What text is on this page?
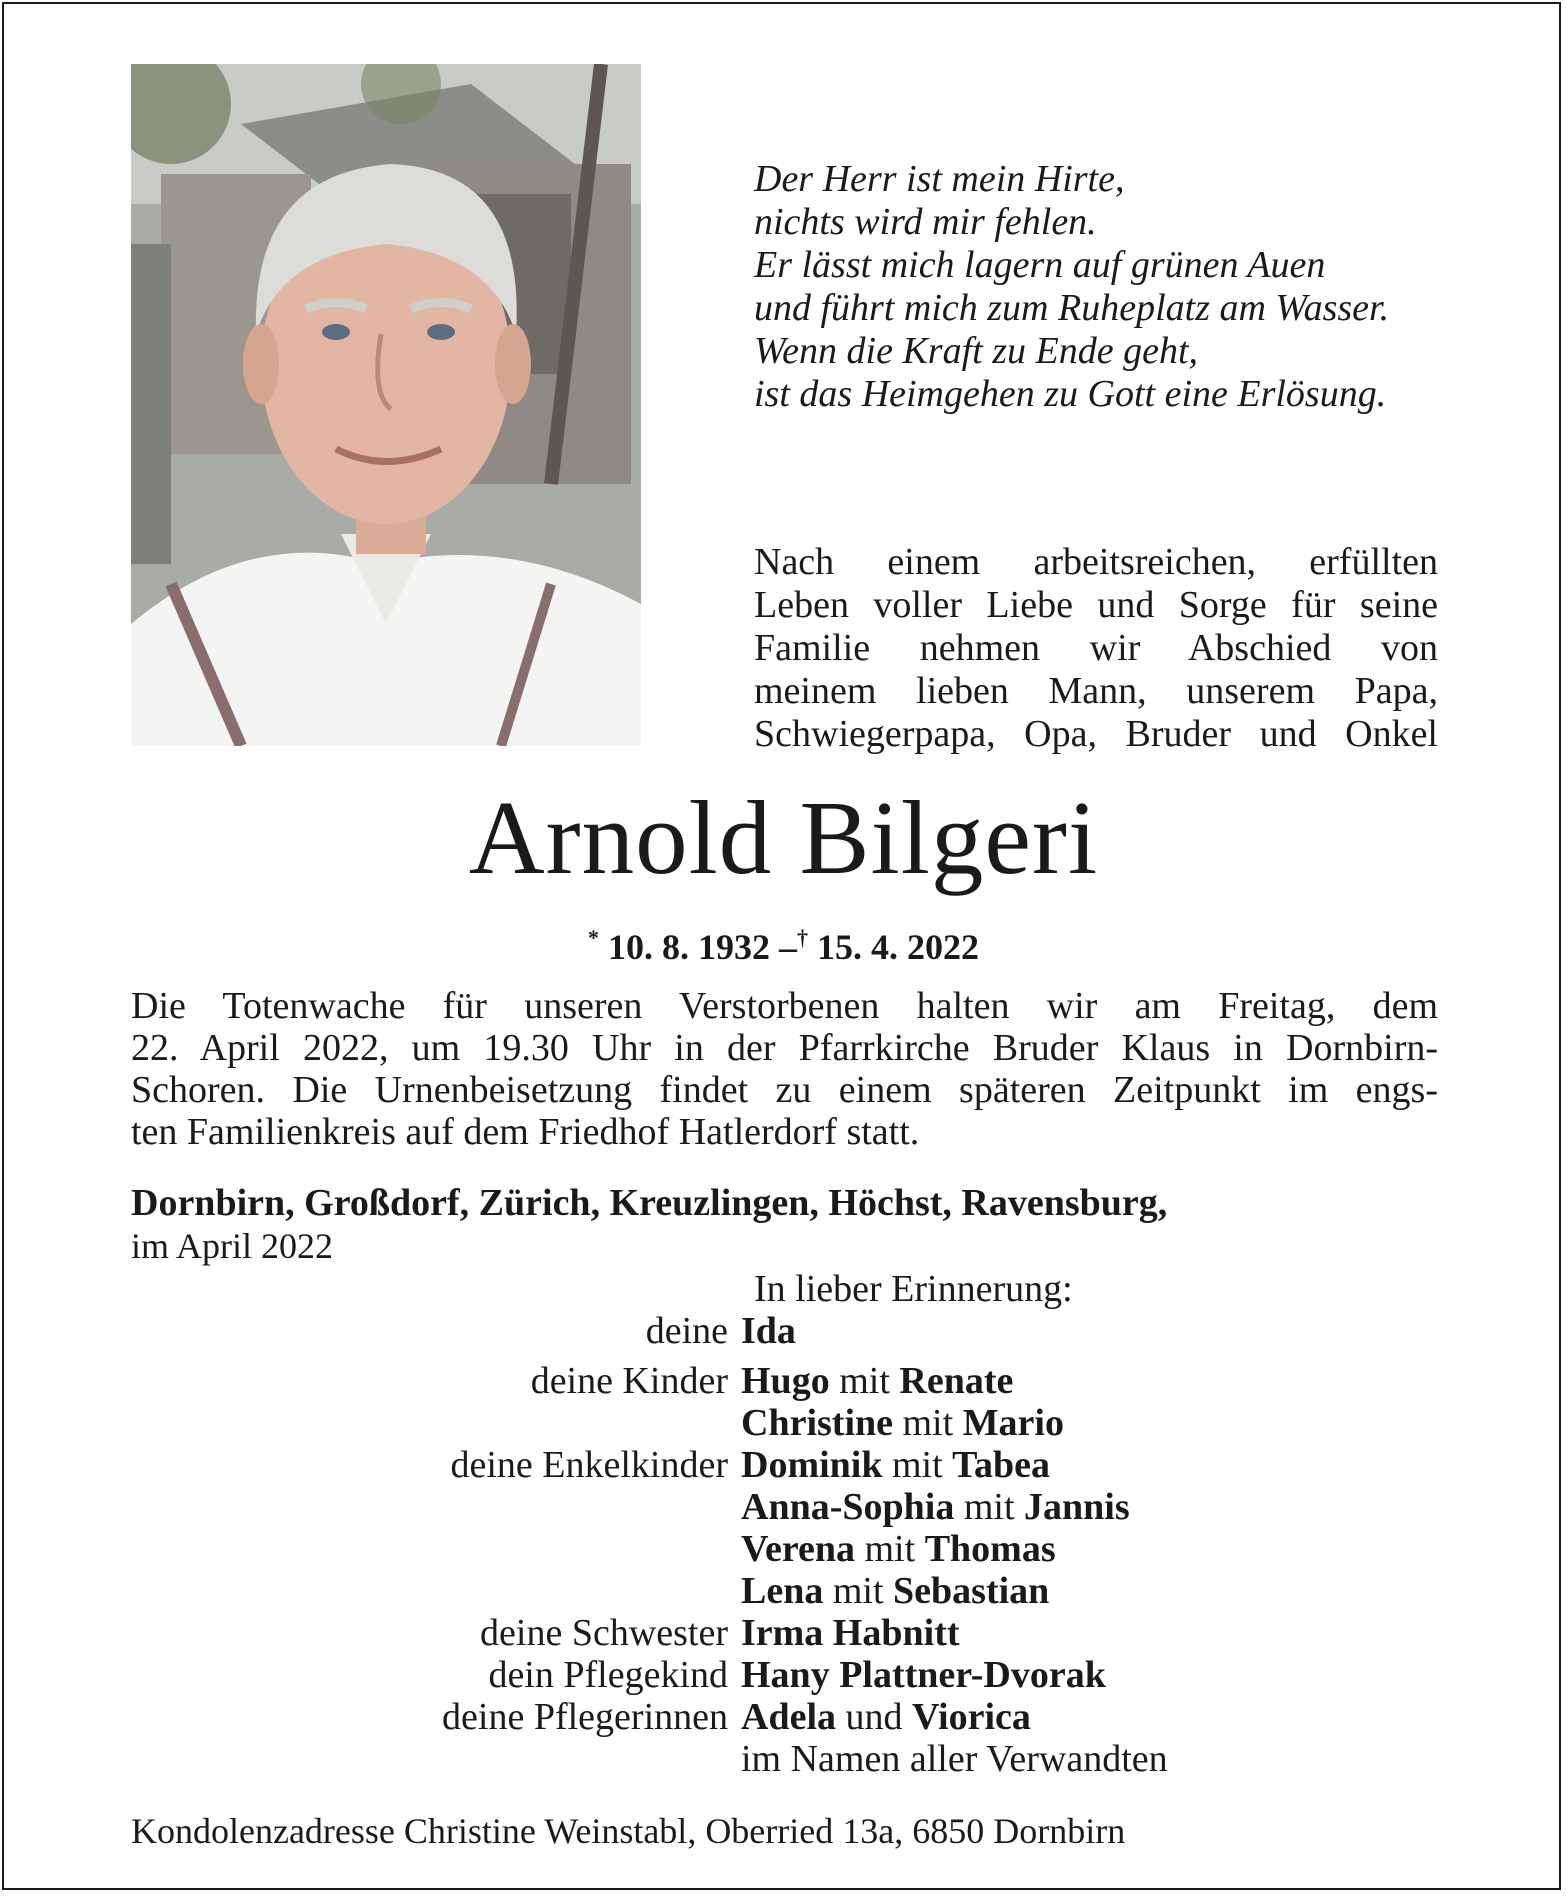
Der Herr ist mein Hirte,
nichts wird mir fehlen.
Er lässt mich lagern auf grünen Auen
und führt mich zum Ruheplatz am Wasser.
Wenn die Kraft zu Ende geht,
ist das Heimgehen zu Gott eine Erlösung.
Nach einem arbeitsreichen, erfüllten
Leben voller Liebe und Sorge für seine
Familie nehmen wir Abschied von
meinem lieben Mann, unserem Papa,
Schwiegerpapa, Opa, Bruder und Onkel
Arnold Bilgeri
* 10. 8. 1932 –† 15. 4. 2022
Die Totenwache für unseren Verstorbenen halten wir am Freitag, dem
22. April 2022, um 19.30 Uhr in der Pfarrkirche Bruder Klaus in Dornbirn-
Schoren. Die Urnenbeisetzung findet zu einem späteren Zeitpunkt im engs-
ten Familienkreis auf dem Friedhof Hatlerdorf statt.
Dornbirn, Großdorf, Zürich, Kreuzlingen, Höchst, Ravensburg,
im April 2022
In lieber Erinnerung:
deine Ida
deine Kinder Hugo mit Renate
Christine mit Mario
deine Enkelkinder Dominik mit Tabea
Anna-Sophia mit Jannis
Verena mit Thomas
Lena mit Sebastian
deine Schwester Irma Habnitt
dein Pflegekind Hany Plattner-Dvorak
deine Pflegerinnen Adela und Viorica
im Namen aller Verwandten
Kondolenzadresse Christine Weinstabl, Oberried 13a, 6850 Dornbirn
